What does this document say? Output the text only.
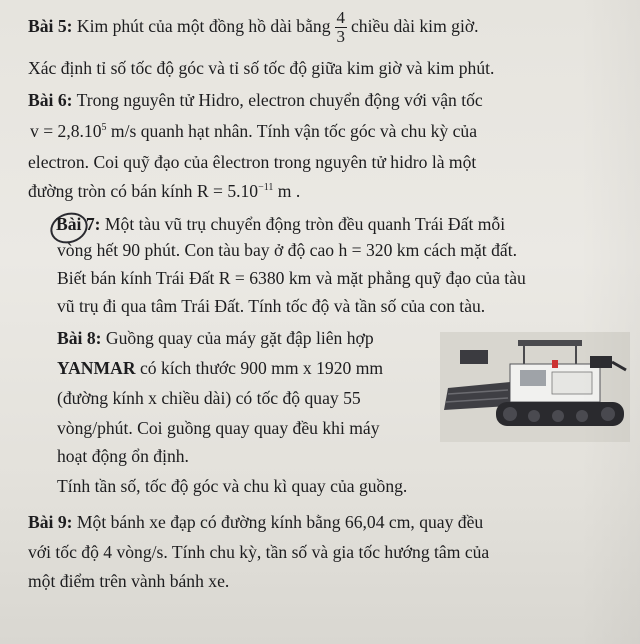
Bài 5: Kim phút của một đồng hồ dài bằng $\frac{4}{3}$ chiều dài kim giờ.
Xác định tỉ số tốc độ góc và tỉ số tốc độ giữa kim giờ và kim phút.
Bài 6: Trong nguyên tử Hidro, electron chuyển động với vận tốc
$v = 2,8.10^5$ m/s quanh hạt nhân. Tính vận tốc góc và chu kỳ của
electron. Coi quỹ đạo của êlectron trong nguyên tử hidro là một
đường tròn có bán kính $R = 5.10^{-11}$ m .
Bài 7: Một tàu vũ trụ chuyển động tròn đều quanh Trái Đất mỗi
vòng hết 90 phút. Con tàu bay ở độ cao h = 320 km cách mặt đất.
Biết bán kính Trái Đất R = 6380 km và mặt phẳng quỹ đạo của tàu
vũ trụ đi qua tâm Trái Đất. Tính tốc độ và tần số của con tàu.
Bài 8: Guồng quay của máy gặt đập liên hợp
YANMAR có kích thước 900 mm x 1920 mm
(đường kính x chiều dài) có tốc độ quay 55
vòng/phút. Coi guồng quay quay đều khi máy
hoạt động ổn định.
Tính tần số, tốc độ góc và chu kì quay của guồng.
Bài 9: Một bánh xe đạp có đường kính bằng 66,04 cm, quay đều
với tốc độ 4 vòng/s. Tính chu kỳ, tần số và gia tốc hướng tâm của
một điểm trên vành bánh xe.
